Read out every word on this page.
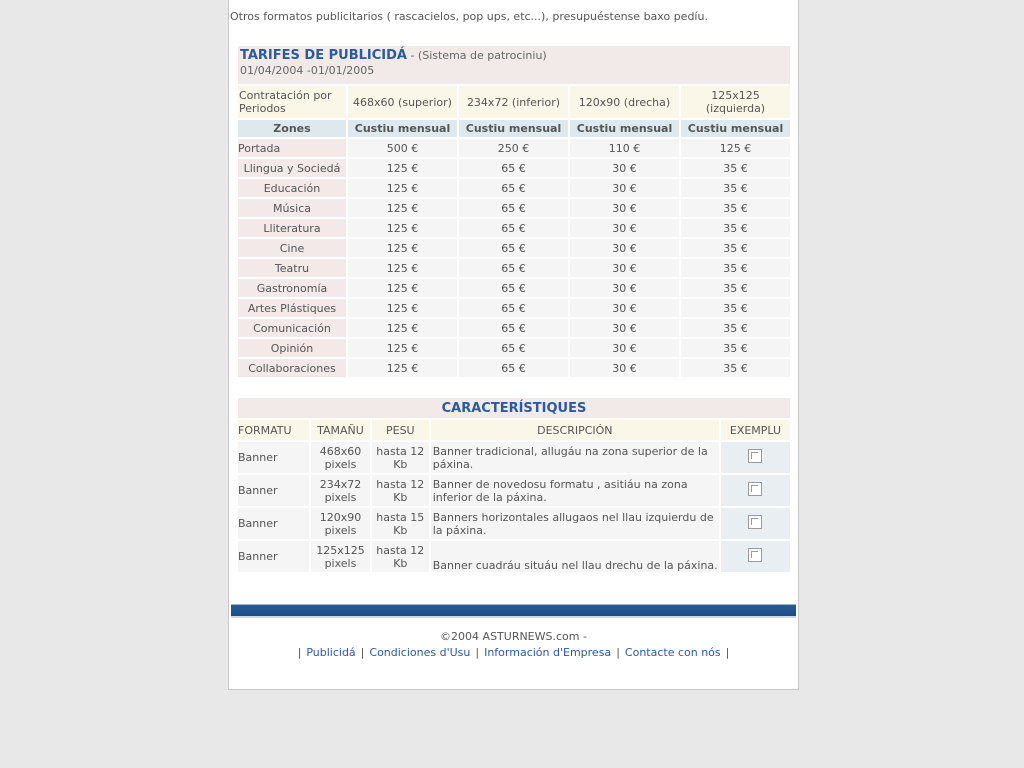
Otros formatos publicitarios ( rascacielos, pop ups, etc...), presupuéstense baxo pedíu.
TARIFES DE PUBLICIDÁ - (Sistema de patrociniu)
01/04/2004 -01/01/2005				

Contratación por Periodos	468x60 (superior)	234x72 (inferior)	120x90 (drecha)	125x125 (izquierda)
Zones	Custiu mensual	Custiu mensual	Custiu mensual	Custiu mensual
Portada	500 €	250 €	110 €	125 €
Llingua y Sociedá	125 €	65 €	30 €	35 €
Educación	125 €	65 €	30 €	35 €
Música	125 €	65 €	30 €	35 €
Lliteratura	125 €	65 €	30 €	35 €
Cine	125 €	65 €	30 €	35 €
Teatru	125 €	65 €	30 €	35 €
Gastronomía	125 €	65 €	30 €	35 €
Artes Plástiques	125 €	65 €	30 €	35 €
Comunicación	125 €	65 €	30 €	35 €
Opinión	125 €	65 €	30 €	35 €
Collaboraciones	125 €	65 €	30 €	35 €
CARACTERÍSTIQUES				
FORMATU	TAMAÑU	PESU	DESCRIPCIÓN	EXEMPLU
Banner	468x60 pixels	hasta 12 Kb	Banner tradicional, allugáu na zona superior de la páxina.	
Banner	234x72 pixels	hasta 12 Kb	Banner de novedosu formatu , asitiáu na zona inferior de la páxina.	
Banner	120x90 pixels	hasta 15 Kb	Banners horizontales allugaos nel llau izquierdu de la páxina.	
Banner	125x125 pixels	hasta 12 Kb	Banner cuadráu situáu nel llau drechu de la páxina.	
©2004 ASTURNEWS.com -
| Publicidá | Condiciones d'Usu | Información d'Empresa | Contacte con nós |
